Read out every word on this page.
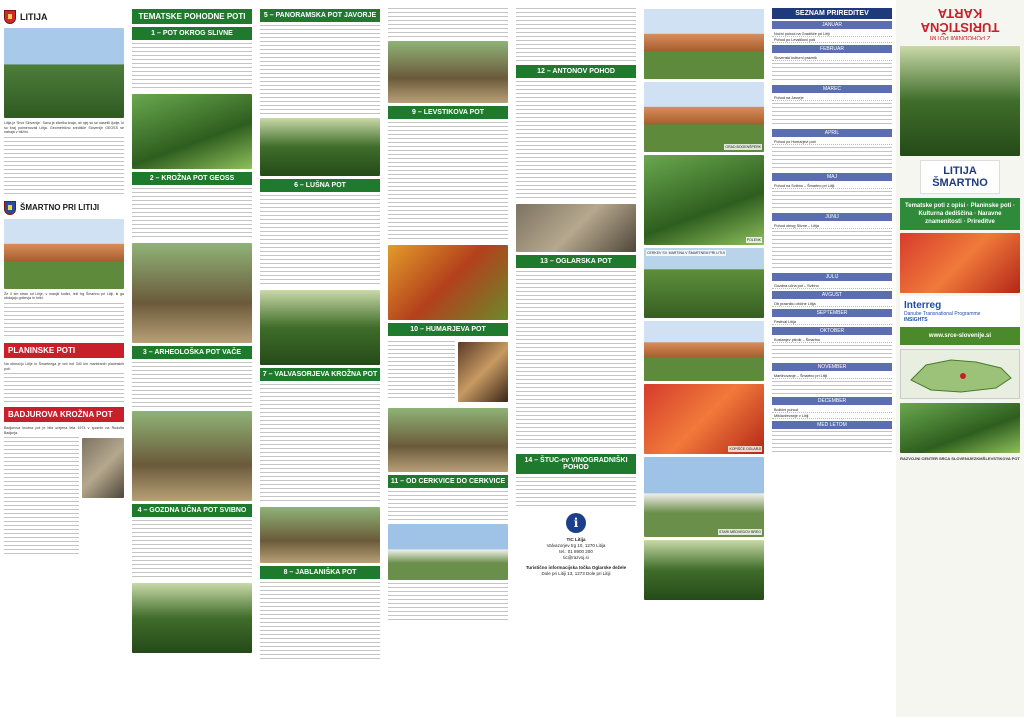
LITIJA
Litija je 'Srce Slovenije'. Sava je zibelka kraja, ob njej so se naselili ljudje, ki so kraj poimenovali Litija. Geometrično središče Slovenije GEOSS se nahaja v bližini.
ŠMARTNO PRI LITIJI
Že 3 km stran od Litije, v manjši kotlini, leži trg Šmartno pri Litiji, ki ga obdajajo gričevja in hribi.
PLANINSKE POTI
Na območju Litije in Šmartnega je več kot 340 km markiranih planinskih poti.
BADJUROVA KROŽNA POT
Badjurova krožna pot je bila urejena leta 1974 v spomin na Rudolfa Badjurja.
TEMATSKE POHODNE POTI
1 – POT OKROG SLIVNE
2 – KROŽNA POT GEOSS
3 – ARHEOLOŠKA POT VAČE
4 – GOZDNA UČNA POT SVIBNO
5 – PANORAMSKA POT JAVORJE
6 – LUŠNA POT
7 – VALVASORJEVA KROŽNA POT
8 – JABLANIŠKA POT
9 – LEVSTIKOVA POT
10 – HUMARJEVA POT
11 – OD CERKVICE DO CERKVICE
12 – ANTONOV POHOD
13 – OGLARSKA POT
14 – ŠTUC-ev VINOGRADNIŠKI POHOD
i
TIC Litija
Valvazorjev trg 10, 1270 Litija
tel.: 01 8900 200
tic@razvoj.si
Turistično informacijska točka Oglarske dežele
Dole pri Litiji 13, 1273 Dole pri Litiji
GRAD BOGENŠPERK
POLENK
CERKEV SV. MARTINA V ŠMARTNEM PRI LITIJI
KOPIŠČE OGLARJI
STARI MEDVEDOV BREG
SEZNAM PRIREDITEV
JANUAR
Nočni pohod na Gradišče pri Litiji
Pohod po Levstikovi poti
FEBRUAR
Slovenski kulturni praznik
MAREC
Pohod na Javorje
APRIL
Pohod po Humarjevi poti
MAJ
Pohod na Svibno – Šmartno pri Litiji
JUNIJ
Pohod okrog Slivne – Litija
JULIJ
Gozdna učna pot – Svibno
AVGUST
Ob prazniku občine Litija
SEPTEMBER
Festival Litija
OKTOBER
Kostanjev piknik – Šmartno
NOVEMBER
Martinovanje – Šmartno pri Litiji
DECEMBER
Božični pohod
Miklavževanje v Litiji
MED LETOM
TURISTIČNA KARTA
Z POHODNIMI POTMI
LITIJA ŠMARTNO
Tematske poti z opisi · Planinske poti · Kulturna dediščina · Naravne znamenitosti · Prireditve
Interreg
Danube Transnational Programme
INSIGHTS
www.srce-slovenije.si
RAZVOJNI CENTER SRCA SLOVENIJE ZKMŠ LEVSTIKOVA POT
